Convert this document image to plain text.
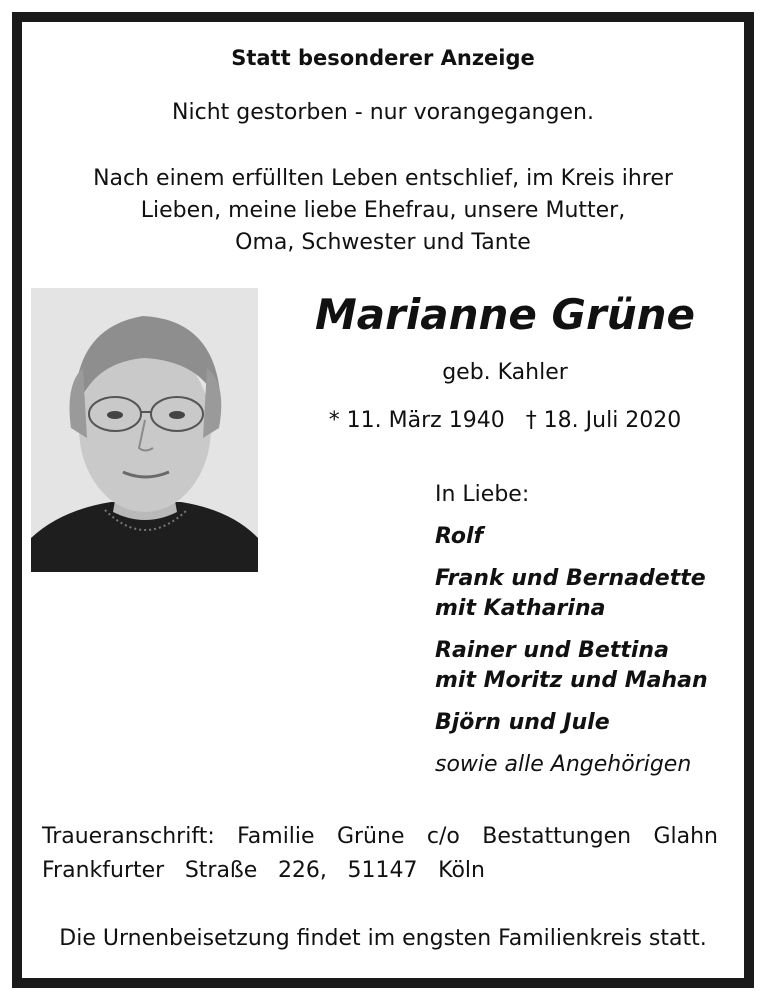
Statt besonderer Anzeige
Nicht gestorben - nur vorangegangen.
Nach einem erfüllten Leben entschlief, im Kreis ihrer
Lieben, meine liebe Ehefrau, unsere Mutter,
Oma, Schwester und Tante
Marianne Grüne
geb. Kahler
* 11. März 1940 † 18. Juli 2020
In Liebe:
Rolf
Frank und Bernadette
mit Katharina
Rainer und Bettina
mit Moritz und Mahan
Björn und Jule
sowie alle Angehörigen
Traueranschrift: Familie Grüne c/o Bestattungen Glahn
Frankfurter Straße 226, 51147 Köln
Die Urnenbeisetzung findet im engsten Familienkreis statt.
